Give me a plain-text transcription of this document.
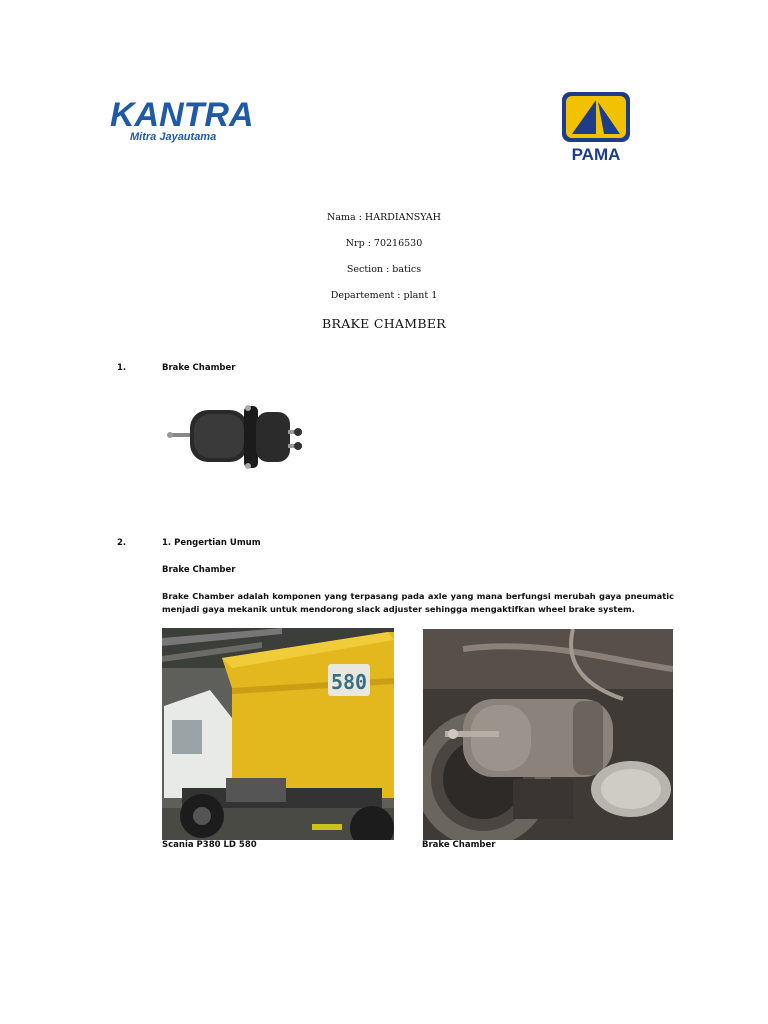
KANTRA
Mitra Jayautama
PAMA
Nama : HARDIANSYAH
Nrp : 70216530
Section : batics
Departement : plant 1
BRAKE CHAMBER
1.	Brake Chamber
2.	1. Pengertian Umum
Brake Chamber
Brake Chamber adalah komponen yang terpasang pada axle yang mana berfungsi merubah gaya pneumatic menjadi gaya mekanik untuk mendorong slack adjuster sehingga mengaktifkan wheel brake system.
580
Scania P380 LD 580	Brake Chamber
